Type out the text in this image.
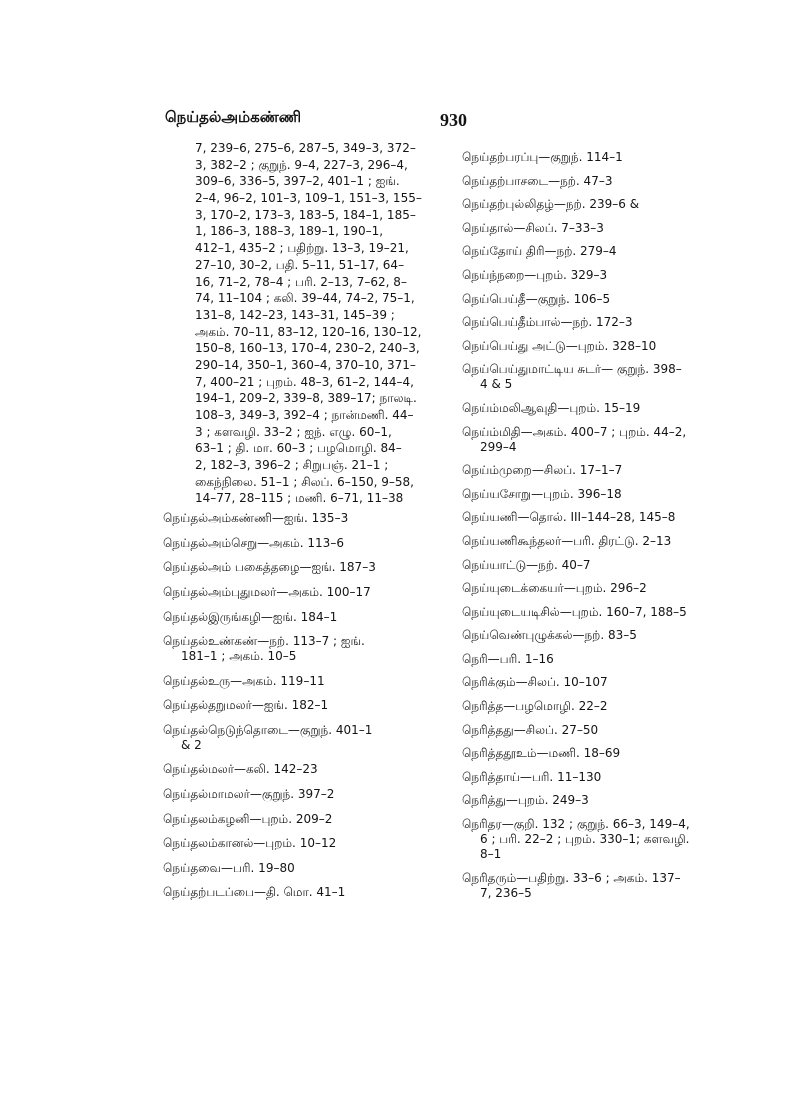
நெய்தல்அம்கண்ணி	930
7, 239–6, 275–6, 287–5, 349–3, 372–
3, 382–2 ; குறுந். 9–4, 227–3, 296–4,
309–6, 336–5, 397–2, 401–1 ; ஐங்.
2–4, 96–2, 101–3, 109–1, 151–3, 155–
3, 170–2, 173–3, 183–5, 184–1, 185–
1, 186–3, 188–3, 189–1, 190–1,
412–1, 435–2 ; பதிற்று. 13–3, 19–21,
27–10, 30–2, பதி. 5–11, 51–17, 64–
16, 71–2, 78–4 ; பரி. 2–13, 7–62, 8–
74, 11–104 ; கலி. 39–44, 74–2, 75–1,
131–8, 142–23, 143–31, 145–39 ;
அகம். 70–11, 83–12, 120–16, 130–12,
150–8, 160–13, 170–4, 230–2, 240–3,
290–14, 350–1, 360–4, 370–10, 371–
7, 400–21 ; புறம். 48–3, 61–2, 144–4,
194–1, 209–2, 339–8, 389–17; நாலடி.
108–3, 349–3, 392–4 ; நான்மணி. 44–
3 ; களவழி. 33–2 ; ஐந். எழு. 60–1,
63–1 ; தி. மா. 60–3 ; பழமொழி. 84–
2, 182–3, 396–2 ; சிறுபஞ். 21–1 ;
கைந்நிலை. 51–1 ; சிலப். 6–150, 9–58,
14–77, 28–115 ; மணி. 6–71, 11–38

நெய்தல்அம்கண்ணி—ஐங். 135–3

நெய்தல்அம்செறு—அகம். 113–6

நெய்தல்அம் பகைத்தழை—ஐங். 187–3

நெய்தல்அம்புதுமலர்—அகம். 100–17

நெய்தல்இருங்கழி—ஐங். 184–1

நெய்தல்உண்கண்—நற். 113–7 ; ஐங்.
181–1 ; அகம். 10–5

நெய்தல்உரு—அகம். 119–11

நெய்தல்தறுமலர்—ஐங். 182–1

நெய்தல்நெடுந்தொடை—குறுந். 401–1
& 2

நெய்தல்மலர்—கலி. 142–23

நெய்தல்மாமலர்—குறுந். 397–2

நெய்தலம்கழனி—புறம். 209–2

நெய்தலம்கானல்—புறம். 10–12

நெய்தவை—பரி. 19–80

நெய்தற்படப்பை—தி. மொ. 41–1

நெய்தற்பரப்பு—குறுந். 114–1

நெய்தற்பாசடை—நற். 47–3

நெய்தற்புல்லிதழ்—நற். 239–6 &

நெய்தால்—சிலப். 7–33–3

நெய்தோய் திரி—நற். 279–4

நெய்ந்நறை—புறம். 329–3

நெய்பெய்தீ—குறுந். 106–5

நெய்பெய்தீம்பால்—நற். 172–3

நெய்பெய்து அட்டு—புறம். 328–10

நெய்பெய்துமாட்டிய சுடர்— குறுந். 398–
4 & 5

நெய்ம்மலிஆவுதி—புறம். 15–19

நெய்ம்மிதி—அகம். 400–7 ; புறம். 44–2,
299–4

நெய்ம்முறை—சிலப். 17–1–7

நெய்யசோறு—புறம். 396–18

நெய்யணி—தொல். III–144–28, 145–8

நெய்யணிகூந்தலர்—பரி. திரட்டு. 2–13

நெய்யாட்டு—நற். 40–7

நெய்யுடைக்கையர்—புறம். 296–2

நெய்யுடையடிசில்—புறம். 160–7, 188–5

நெய்வெண்புழுக்கல்—நற். 83–5

நெரி—பரி. 1–16

நெரிக்கும்—சிலப். 10–107

நெரித்த—பழமொழி. 22–2

நெரித்தது—சிலப். 27–50

நெரித்ததூஉம்—மணி. 18–69

நெரித்தாய்—பரி. 11–130

நெரித்து—புறம். 249–3

நெரிதர—குறி. 132 ; குறுந். 66–3, 149–4,
6 ; பரி. 22–2 ; புறம். 330–1; களவழி.
8–1

நெரிதரும்—பதிற்று. 33–6 ; அகம். 137–
7, 236–5
